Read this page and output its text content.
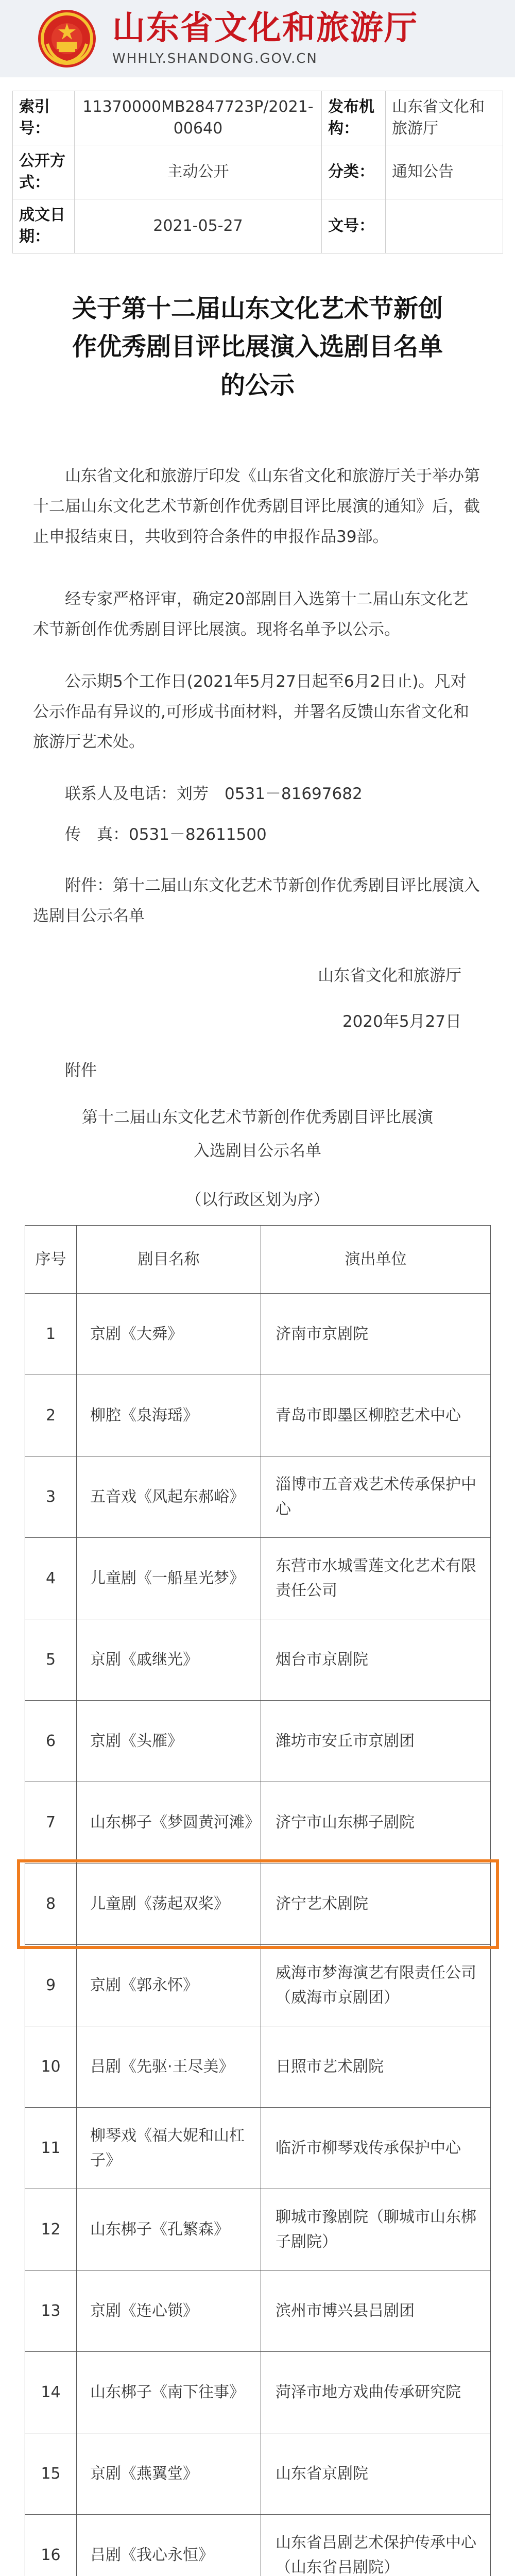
山东省文化和旅游厅
WHHLY.SHANDONG.GOV.CN
索引号：	11370000MB2847723P/2021-00640	发布机构：	山东省文化和旅游厅
公开方式：	主动公开	分类：	通知公告
成文日期：	2021-05-27	文号：	
关于第十二届山东文化艺术节新创
作优秀剧目评比展演入选剧目名单
的公示

山东省文化和旅游厅印发《山东省文化和旅游厅关于举办第十二届山东文化艺术节新创作优秀剧目评比展演的通知》后，截止申报结束日，共收到符合条件的申报作品39部。

经专家严格评审，确定20部剧目入选第十二届山东文化艺术节新创作优秀剧目评比展演。现将名单予以公示。

公示期5个工作日(2021年5月27日起至6月2日止)。凡对公示作品有异议的,可形成书面材料，并署名反馈山东省文化和旅游厅艺术处。

联系人及电话：刘芳　0531－81697682

传　真：0531－82611500

附件：第十二届山东文化艺术节新创作优秀剧目评比展演入选剧目公示名单

山东省文化和旅游厅

2020年5月27日

附件

第十二届山东文化艺术节新创作优秀剧目评比展演
入选剧目公示名单
（以行政区划为序）
序号	剧目名称	演出单位
1	京剧《大舜》	济南市京剧院
2	柳腔《泉海瑶》	青岛市即墨区柳腔艺术中心
3	五音戏《风起东郝峪》	淄博市五音戏艺术传承保护中心
4	儿童剧《一船星光梦》	东营市水城雪莲文化艺术有限责任公司
5	京剧《戚继光》	烟台市京剧院
6	京剧《头雁》	潍坊市安丘市京剧团
7	山东梆子《梦圆黄河滩》	济宁市山东梆子剧院
8	儿童剧《荡起双桨》	济宁艺术剧院
9	京剧《郭永怀》	威海市梦海演艺有限责任公司（威海市京剧团）
10	吕剧《先驱·王尽美》	日照市艺术剧院
11	柳琴戏《福大妮和山杠子》	临沂市柳琴戏传承保护中心
12	山东梆子《孔繁森》	聊城市豫剧院（聊城市山东梆子剧院）
13	京剧《连心锁》	滨州市博兴县吕剧团
14	山东梆子《南下往事》	菏泽市地方戏曲传承研究院
15	京剧《燕翼堂》	山东省京剧院
16	吕剧《我心永恒》	山东省吕剧艺术保护传承中心（山东省吕剧院）
